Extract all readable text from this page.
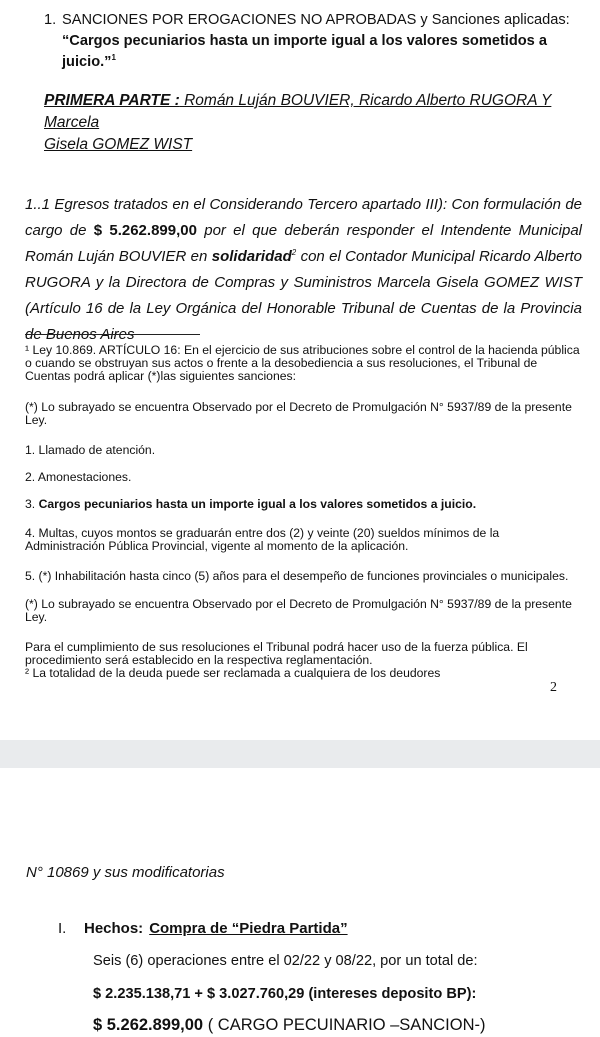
1. SANCIONES POR EROGACIONES NO APROBADAS y Sanciones aplicadas:
“Cargos pecuniarios hasta un importe igual a los valores sometidos a juicio.”$^1$
PRIMERA PARTE : Román Luján BOUVIER, Ricardo Alberto RUGORA Y Marcela
Gisela GOMEZ WIST
1..1 Egresos tratados en el Considerando Tercero apartado III): Con formulación de cargo de $ 5.262.899,00 por el que deberán responder el Intendente Municipal Román Luján BOUVIER en solidaridad$^2$ con el Contador Municipal Ricardo Alberto RUGORA y la Directora de Compras y Suministros Marcela Gisela GOMEZ WIST (Artículo 16 de la Ley Orgánica del Honorable Tribunal de Cuentas de la Provincia de Buenos Aires
¹ Ley 10.869. ARTÍCULO 16: En el ejercicio de sus atribuciones sobre el control de la hacienda pública o cuando se obstruyan sus actos o frente a la desobediencia a sus resoluciones, el Tribunal de Cuentas podrá aplicar (*)las siguientes sanciones:
(*) Lo subrayado se encuentra Observado por el Decreto de Promulgación N° 5937/89 de la presente Ley.
1. Llamado de atención.
2. Amonestaciones.
3. Cargos pecuniarios hasta un importe igual a los valores sometidos a juicio.
4. Multas, cuyos montos se graduarán entre dos (2) y veinte (20) sueldos mínimos de la Administración Pública Provincial, vigente al momento de la aplicación.
5. (*) Inhabilitación hasta cinco (5) años para el desempeño de funciones provinciales o municipales.
(*) Lo subrayado se encuentra Observado por el Decreto de Promulgación N° 5937/89 de la presente Ley.
Para el cumplimiento de sus resoluciones el Tribunal podrá hacer uso de la fuerza pública. El procedimiento será establecido en la respectiva reglamentación.
² La totalidad de la deuda puede ser reclamada a cualquiera de los deudores
2
N° 10869 y sus modificatorias
I. Hechos: Compra de “Piedra Partida”
Seis (6) operaciones entre el 02/22 y 08/22, por un total de:
$ 2.235.138,71 + $ 3.027.760,29 (intereses deposito BP):
$ 5.262.899,00 ( CARGO PECUINARIO –SANCION-)
